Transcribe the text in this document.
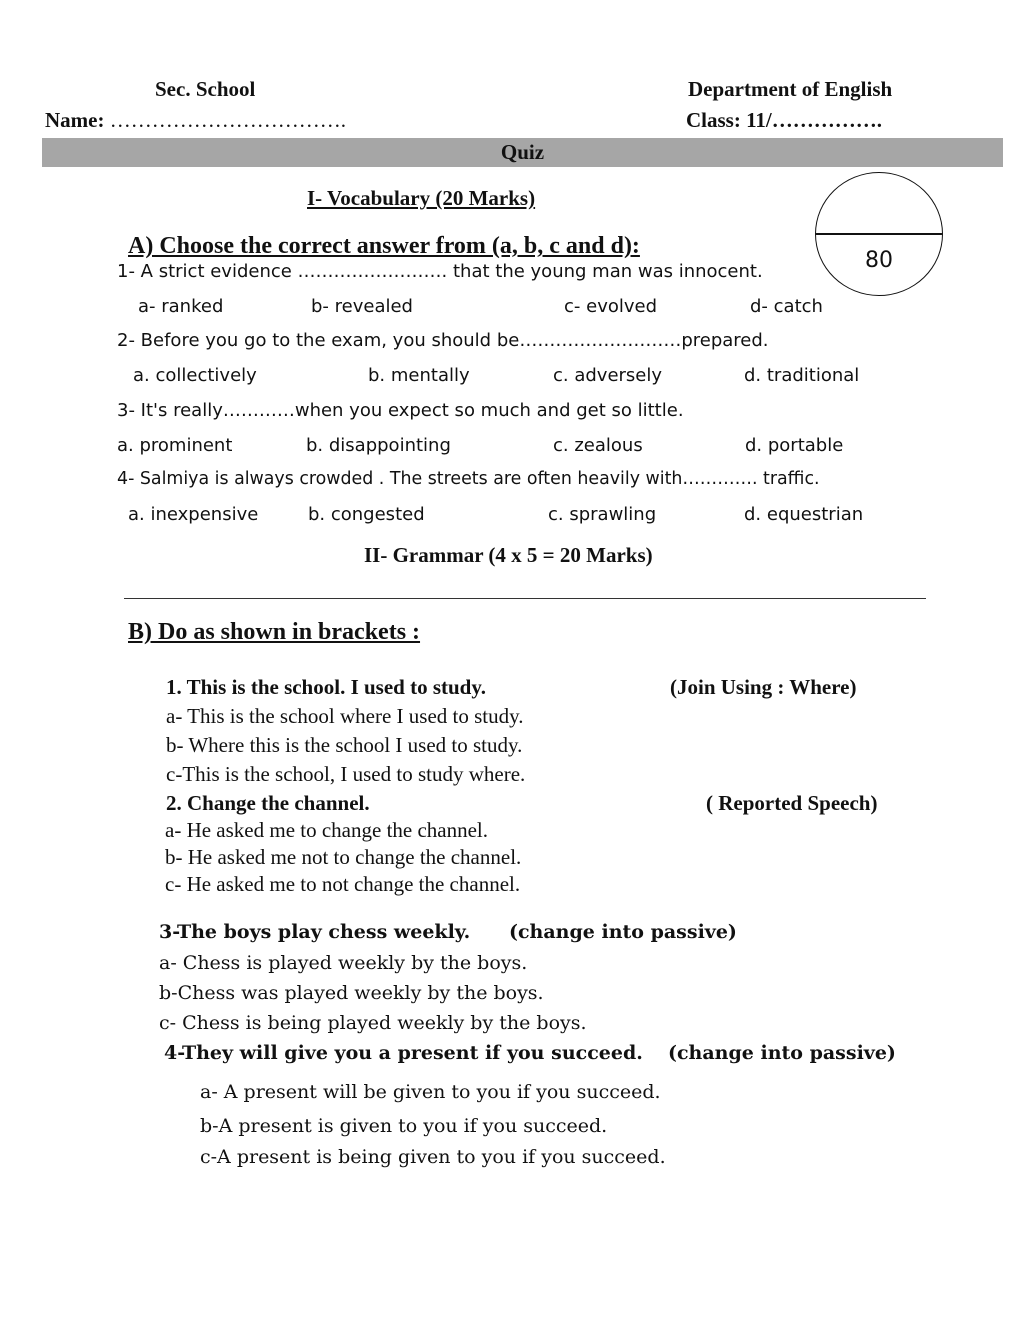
Sec. School	Department of English
Name: …………………………….	Class: 11/…………….
Quiz
80
I- Vocabulary (20 Marks)
A) Choose the correct answer from (a, b, c and d):
1- A strict evidence ……………………. that the young man was innocent.
a- ranked	b- revealed	c- evolved	d- catch
2- Before you go to the exam, you should be………………………prepared.
a. collectively	b. mentally	c. adversely	d. traditional
3- It's really…………when you expect so much and get so little.
a. prominent	b. disappointing	c. zealous	d. portable
4- Salmiya is always crowded . The streets are often heavily with…………. traffic.
a. inexpensive	b. congested	c. sprawling	d. equestrian
II- Grammar (4 x 5 = 20 Marks)
B) Do as shown in brackets :
1. This is the school. I used to study.	(Join Using : Where)
a- This is the school where I used to study.
b- Where this is the school I used to study.
c-This is the school, I used to study where.
2. Change the channel.	( Reported Speech)
a- He asked me to change the channel.
b- He asked me not to change the channel.
c- He asked me to not change the channel.
3-The boys play chess weekly. (change into passive)
a- Chess is played weekly by the boys.
b-Chess was played weekly by the boys.
c- Chess is being played weekly by the boys.
4-They will give you a present if you succeed. (change into passive)
a- A present will be given to you if you succeed.
b-A present is given to you if you succeed.
c-A present is being given to you if you succeed.
